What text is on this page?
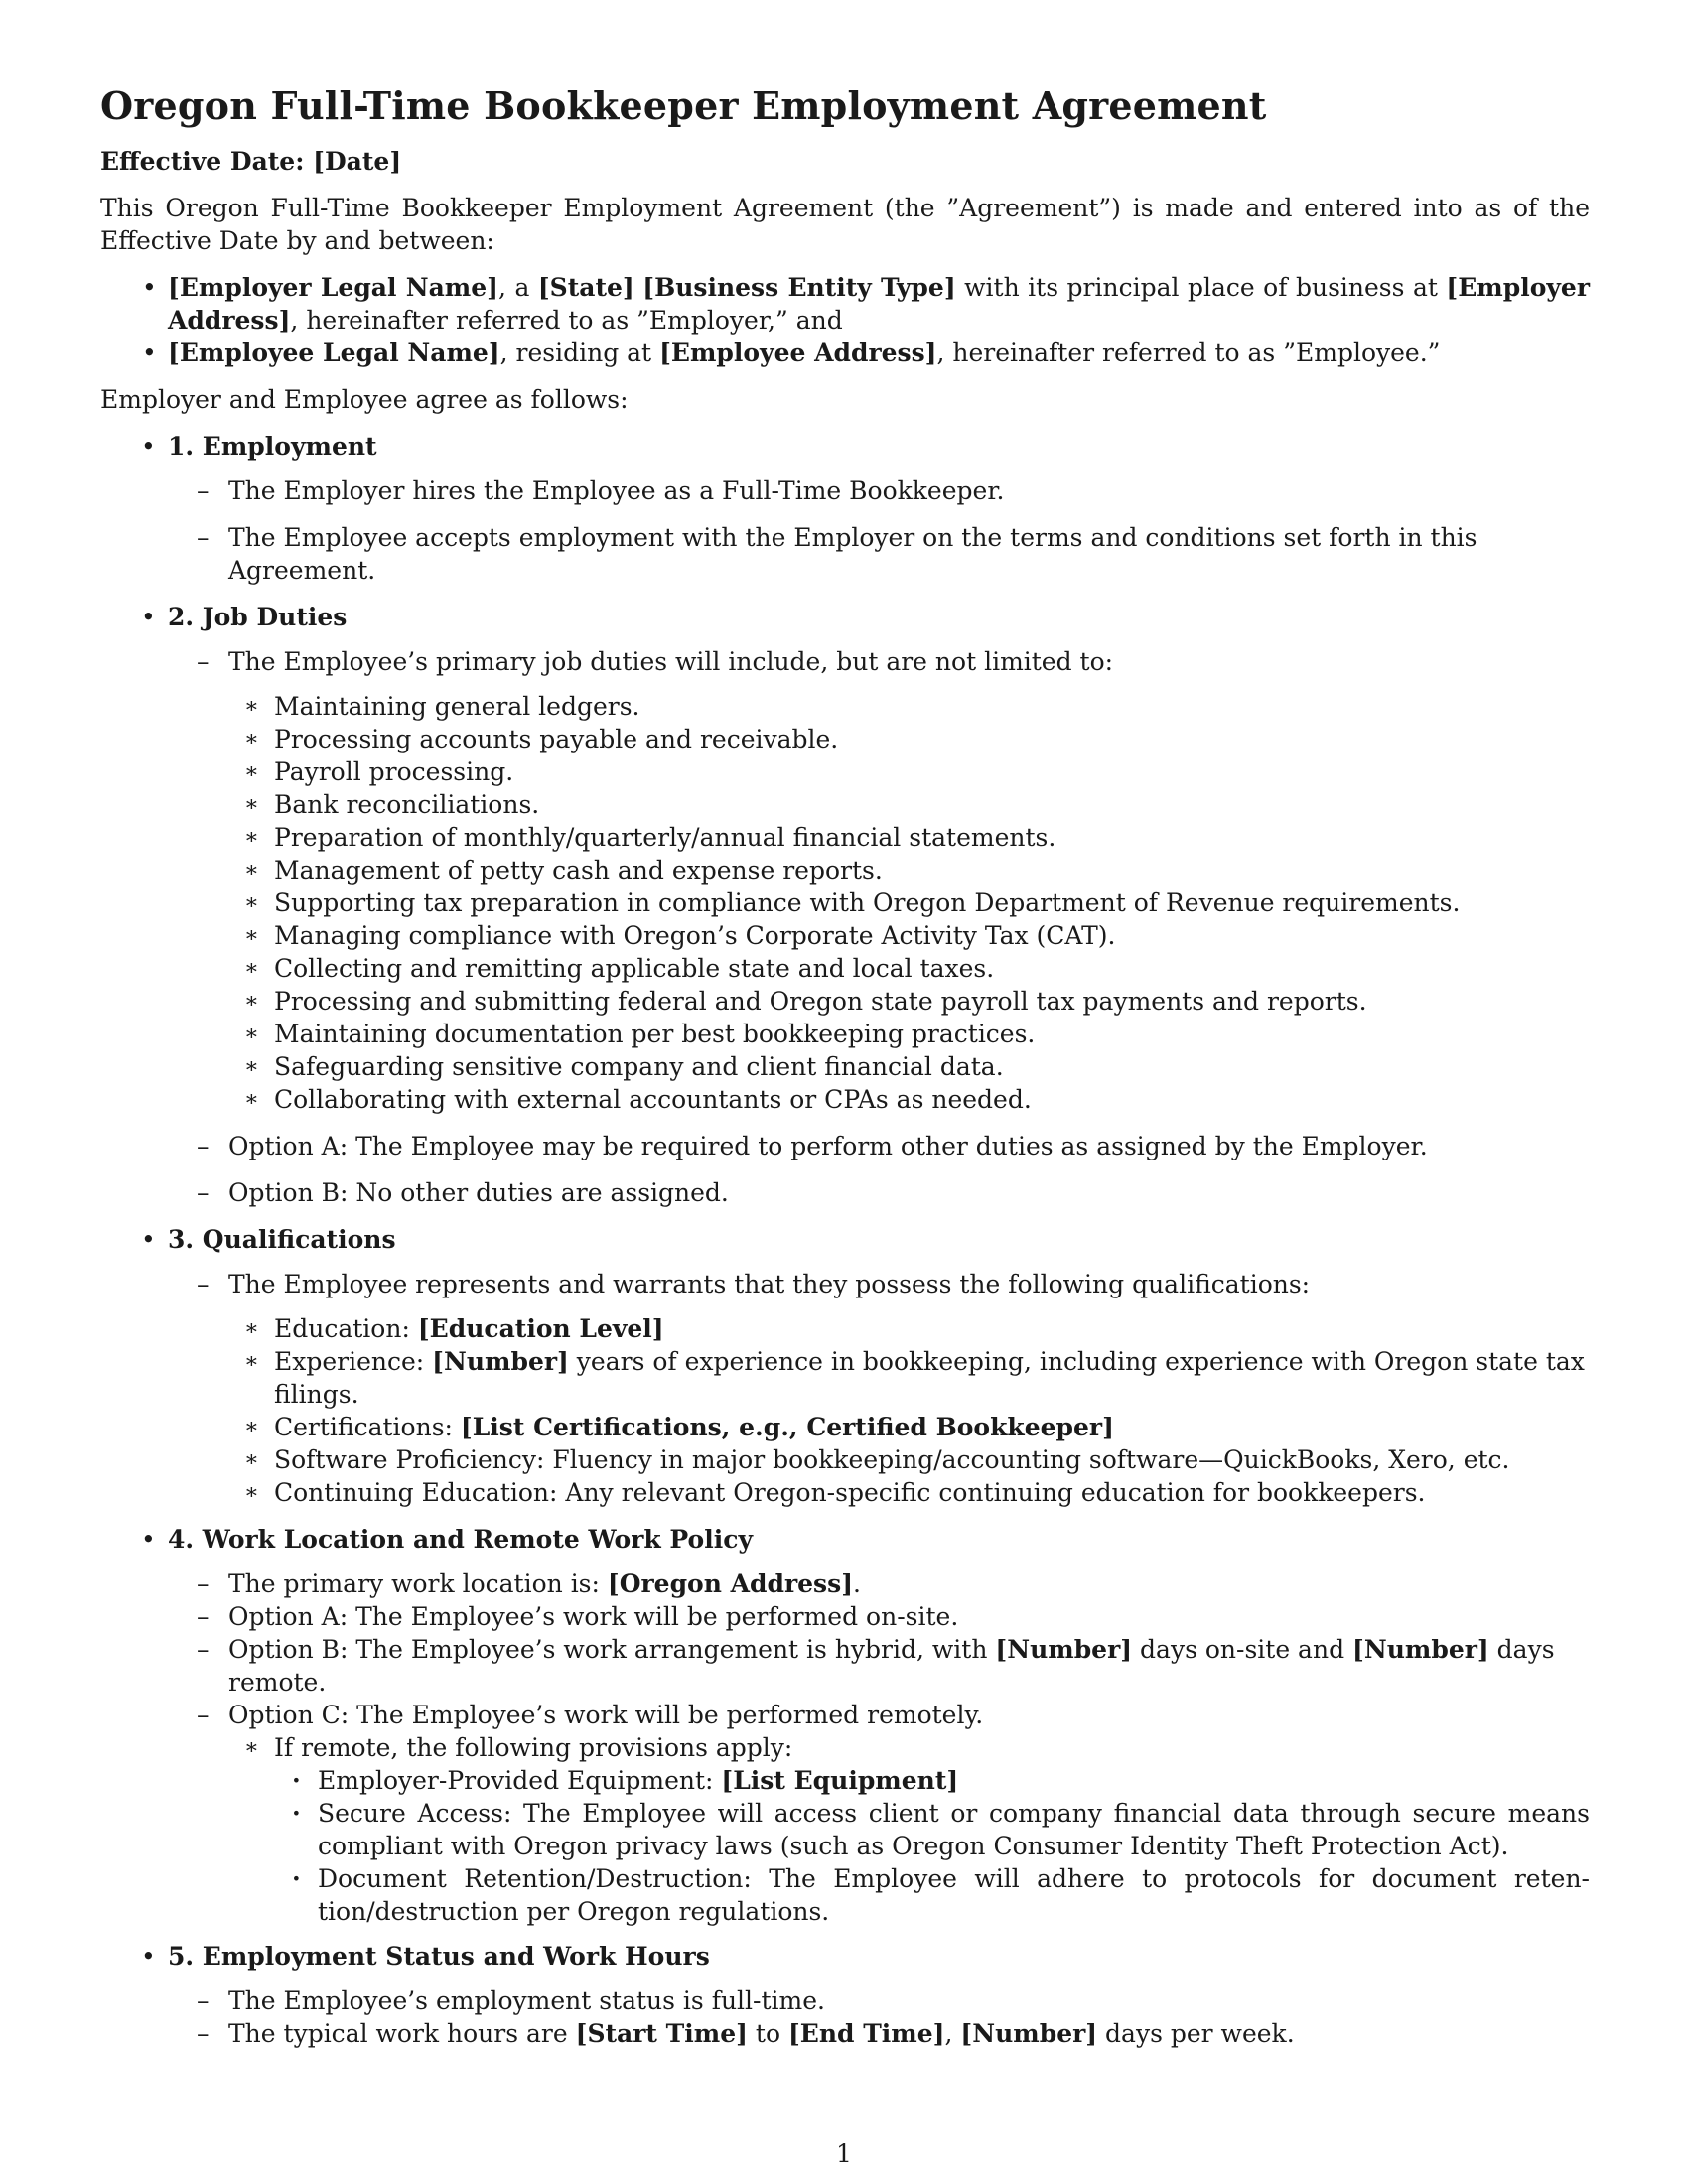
Oregon Full-Time Bookkeeper Employment Agreement
Effective Date: [Date]

This Oregon Full-Time Bookkeeper Employment Agreement (the ”Agreement”) is made and entered into as of the Effective Date by and between:

• [Employer Legal Name], a [State] [Business Entity Type] with its principal place of business at [Employer Address], hereinafter referred to as ”Employer,” and
• [Employee Legal Name], residing at [Employee Address], hereinafter referred to as ”Employee.”

Employer and Employee agree as follows:

• 1. Employment
– The Employer hires the Employee as a Full-Time Bookkeeper.
– The Employee accepts employment with the Employer on the terms and conditions set forth in this Agreement.
• 2. Job Duties
– The Employee’s primary job duties will include, but are not limited to:
∗ Maintaining general ledgers.
∗ Processing accounts payable and receivable.
∗ Payroll processing.
∗ Bank reconciliations.
∗ Preparation of monthly/quarterly/annual financial statements.
∗ Management of petty cash and expense reports.
∗ Supporting tax preparation in compliance with Oregon Department of Revenue requirements.
∗ Managing compliance with Oregon’s Corporate Activity Tax (CAT).
∗ Collecting and remitting applicable state and local taxes.
∗ Processing and submitting federal and Oregon state payroll tax payments and reports.
∗ Maintaining documentation per best bookkeeping practices.
∗ Safeguarding sensitive company and client financial data.
∗ Collaborating with external accountants or CPAs as needed.
– Option A: The Employee may be required to perform other duties as assigned by the Employer.
– Option B: No other duties are assigned.
• 3. Qualifications
– The Employee represents and warrants that they possess the following qualifications:
∗ Education: [Education Level]
∗ Experience: [Number] years of experience in bookkeeping, including experience with Oregon state tax filings.
∗ Certifications: [List Certifications, e.g., Certified Bookkeeper]
∗ Software Proficiency: Fluency in major bookkeeping/accounting software—QuickBooks, Xero, etc.
∗ Continuing Education: Any relevant Oregon-specific continuing education for bookkeepers.
• 4. Work Location and Remote Work Policy
– The primary work location is: [Oregon Address].
– Option A: The Employee’s work will be performed on-site.
– Option B: The Employee’s work arrangement is hybrid, with [Number] days on-site and [Number] days remote.
– Option C: The Employee’s work will be performed remotely.
∗ If remote, the following provisions apply:
· Employer-Provided Equipment: [List Equipment]
· Secure Access: The Employee will access client or company financial data through secure means compliant with Oregon privacy laws (such as Oregon Consumer Identity Theft Protection Act).
· Document Retention/Destruction: The Employee will adhere to protocols for document reten- tion/destruction per Oregon regulations.
• 5. Employment Status and Work Hours
– The Employee’s employment status is full-time.
– The typical work hours are [Start Time] to [End Time], [Number] days per week.
1
